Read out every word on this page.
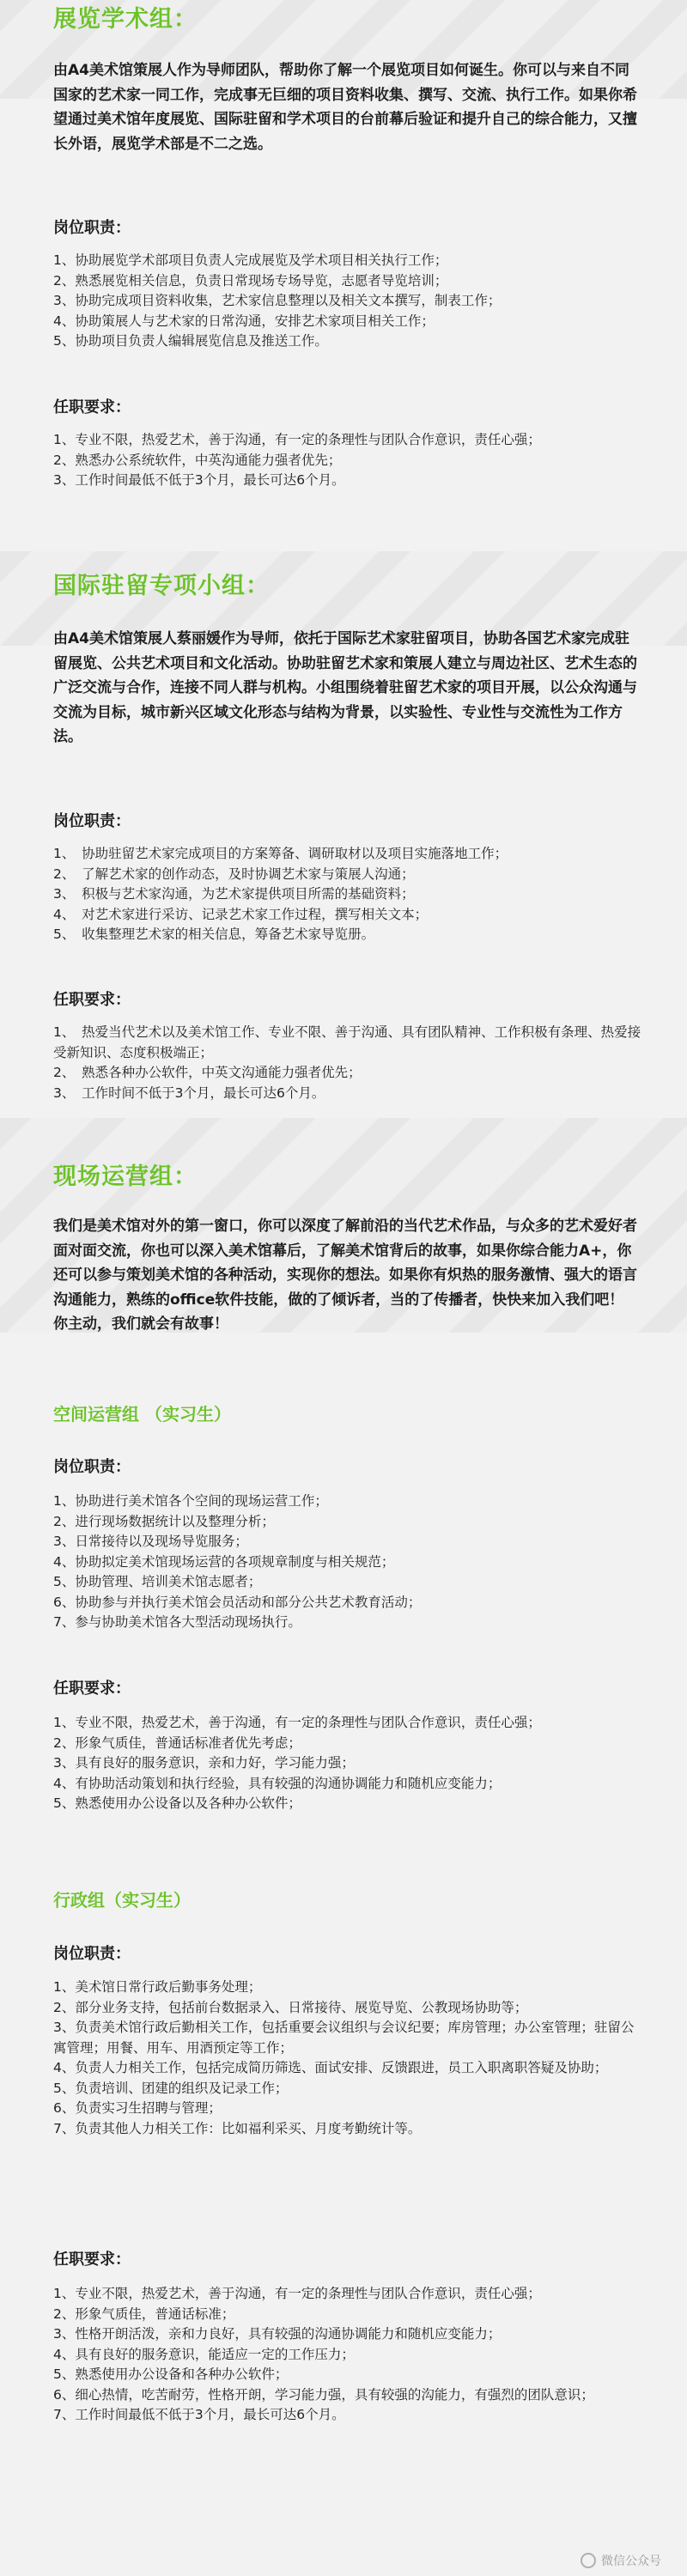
展览学术组：
由A4美术馆策展人作为导师团队，帮助你了解一个展览项目如何诞生。你可以与来自不同国家的艺术家一同工作，完成事无巨细的项目资料收集、撰写、交流、执行工作。如果你希望通过美术馆年度展览、国际驻留和学术项目的台前幕后验证和提升自己的综合能力，又擅长外语，展览学术部是不二之选。
岗位职责：
1、协助展览学术部项目负责人完成展览及学术项目相关执行工作；
2、熟悉展览相关信息，负责日常现场专场导览，志愿者导览培训；
3、协助完成项目资料收集，艺术家信息整理以及相关文本撰写，制表工作；
4、协助策展人与艺术家的日常沟通，安排艺术家项目相关工作；
5、协助项目负责人编辑展览信息及推送工作。
任职要求：
1、专业不限，热爱艺术，善于沟通，有一定的条理性与团队合作意识，责任心强；
2、熟悉办公系统软件，中英沟通能力强者优先；
3、工作时间最低不低于3个月，最长可达6个月。
国际驻留专项小组：
由A4美术馆策展人蔡丽媛作为导师，依托于国际艺术家驻留项目，协助各国艺术家完成驻留展览、公共艺术项目和文化活动。协助驻留艺术家和策展人建立与周边社区、艺术生态的广泛交流与合作，连接不同人群与机构。小组围绕着驻留艺术家的项目开展，以公众沟通与交流为目标，城市新兴区域文化形态与结构为背景，以实验性、专业性与交流性为工作方法。
岗位职责：
1、　协助驻留艺术家完成项目的方案筹备、调研取材以及项目实施落地工作；
2、　了解艺术家的创作动态，及时协调艺术家与策展人沟通；
3、　积极与艺术家沟通，为艺术家提供项目所需的基础资料；
4、　对艺术家进行采访、记录艺术家工作过程，撰写相关文本；
5、　收集整理艺术家的相关信息，筹备艺术家导览册。
任职要求：
1、　热爱当代艺术以及美术馆工作、专业不限、善于沟通、具有团队精神、工作积极有条理、热爱接受新知识、态度积极端正；
2、　熟悉各种办公软件，中英文沟通能力强者优先；
3、　工作时间不低于3个月，最长可达6个月。
现场运营组：
我们是美术馆对外的第一窗口，你可以深度了解前沿的当代艺术作品，与众多的艺术爱好者面对面交流，你也可以深入美术馆幕后，了解美术馆背后的故事，如果你综合能力A+，你还可以参与策划美术馆的各种活动，实现你的想法。如果你有炽热的服务激情、强大的语言沟通能力，熟练的office软件技能，做的了倾诉者，当的了传播者，快快来加入我们吧！你主动，我们就会有故事！
空间运营组 （实习生）
岗位职责：
1、协助进行美术馆各个空间的现场运营工作；
2、进行现场数据统计以及整理分析；
3、日常接待以及现场导览服务；
4、协助拟定美术馆现场运营的各项规章制度与相关规范；
5、协助管理、培训美术馆志愿者；
6、协助参与并执行美术馆会员活动和部分公共艺术教育活动；
7、参与协助美术馆各大型活动现场执行。
任职要求：
1、专业不限，热爱艺术，善于沟通，有一定的条理性与团队合作意识，责任心强；
2、形象气质佳，普通话标准者优先考虑；
3、具有良好的服务意识，亲和力好，学习能力强；
4、有协助活动策划和执行经验，具有较强的沟通协调能力和随机应变能力；
5、熟悉使用办公设备以及各种办公软件；
行政组（实习生）
岗位职责：
1、美术馆日常行政后勤事务处理；
2、部分业务支持，包括前台数据录入、日常接待、展览导览、公教现场协助等；
3、负责美术馆行政后勤相关工作，包括重要会议组织与会议纪要；库房管理；办公室管理；驻留公寓管理；用餐、用车、用酒预定等工作；
4、负责人力相关工作，包括完成简历筛选、面试安排、反馈跟进，员工入职离职答疑及协助；
5、负责培训、团建的组织及记录工作；
6、负责实习生招聘与管理；
7、负责其他人力相关工作：比如福利采买、月度考勤统计等。
任职要求：
1、专业不限，热爱艺术，善于沟通，有一定的条理性与团队合作意识，责任心强；
2、形象气质佳，普通话标准；
3、性格开朗活泼，亲和力良好，具有较强的沟通协调能力和随机应变能力；
4、具有良好的服务意识，能适应一定的工作压力；
5、熟悉使用办公设备和各种办公软件；
6、细心热情，吃苦耐劳，性格开朗，学习能力强，具有较强的沟能力，有强烈的团队意识；
7、工作时间最低不低于3个月，最长可达6个月。
微信公众号
